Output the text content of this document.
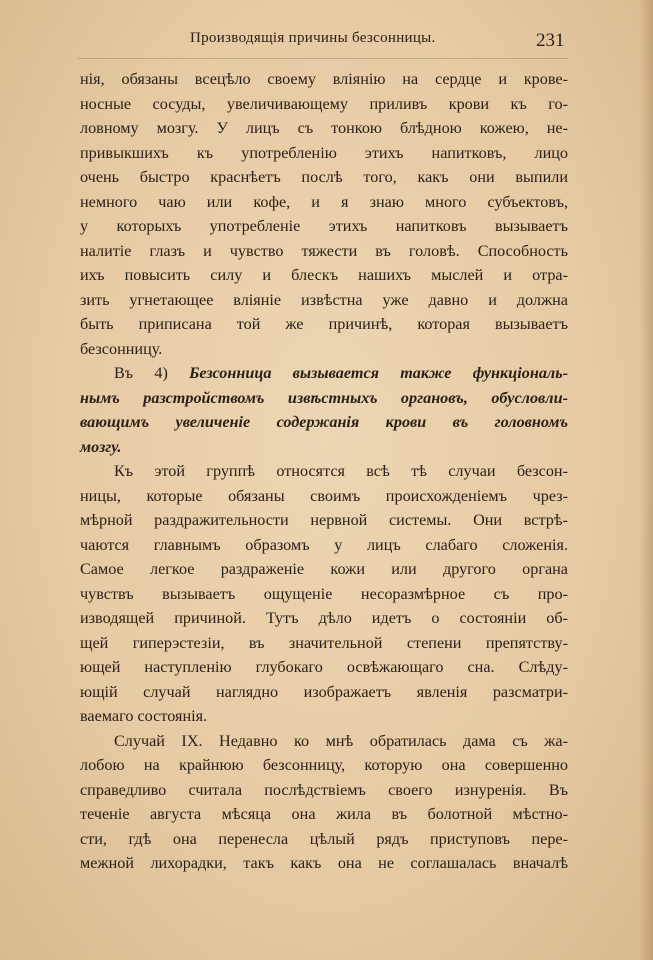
Производящія причины безсонницы.	231
нія, обязаны всецѣло своему вліянію на сердце и крове-
носные сосуды, увеличивающему приливъ крови къ го-
ловному мозгу. У лицъ съ тонкою блѣдною кожею, не-
привыкшихъ къ употребленію этихъ напитковъ, лицо
очень быстро краснѣетъ послѣ того, какъ они выпили
немного чаю или кофе, и я знаю много субъектовъ,
у которыхъ употребленіе этихъ напитковъ вызываетъ
налитіе глазъ и чувство тяжести въ головѣ. Способность
ихъ повысить силу и блескъ нашихъ мыслей и отра-
зить угнетающее вліяніе извѣстна уже давно и должна
быть приписана той же причинѣ, которая вызываетъ
безсонницу.
Въ 4) Безсонница вызывается также функціональ-
нымъ разстройствомъ извѣстныхъ органовъ, обусловли-
вающимъ увеличеніе содержанія крови въ головномъ
мозгу.
Къ этой группѣ относятся всѣ тѣ случаи безсон-
ницы, которые обязаны своимъ происхожденіемъ чрез-
мѣрной раздражительности нервной системы. Они встрѣ-
чаются главнымъ образомъ у лицъ слабаго сложенія.
Самое легкое раздраженіе кожи или другого органа
чувствъ вызываетъ ощущеніе несоразмѣрное съ про-
изводящей причиной. Тутъ дѣло идетъ о состояніи об-
щей гиперэстезіи, въ значительной степени препятству-
ющей наступленію глубокаго освѣжающаго сна. Слѣду-
ющій случай наглядно изображаетъ явленія разсматри-
ваемаго состоянія.
Случай IX. Недавно ко мнѣ обратилась дама съ жа-
лобою на крайнюю безсонницу, которую она совершенно
справедливо считала послѣдствіемъ своего изнуренія. Въ
теченіе августа мѣсяца она жила въ болотной мѣстно-
сти, гдѣ она перенесла цѣлый рядъ приступовъ пере-
межной лихорадки, такъ какъ она не соглашалась вначалѣ
